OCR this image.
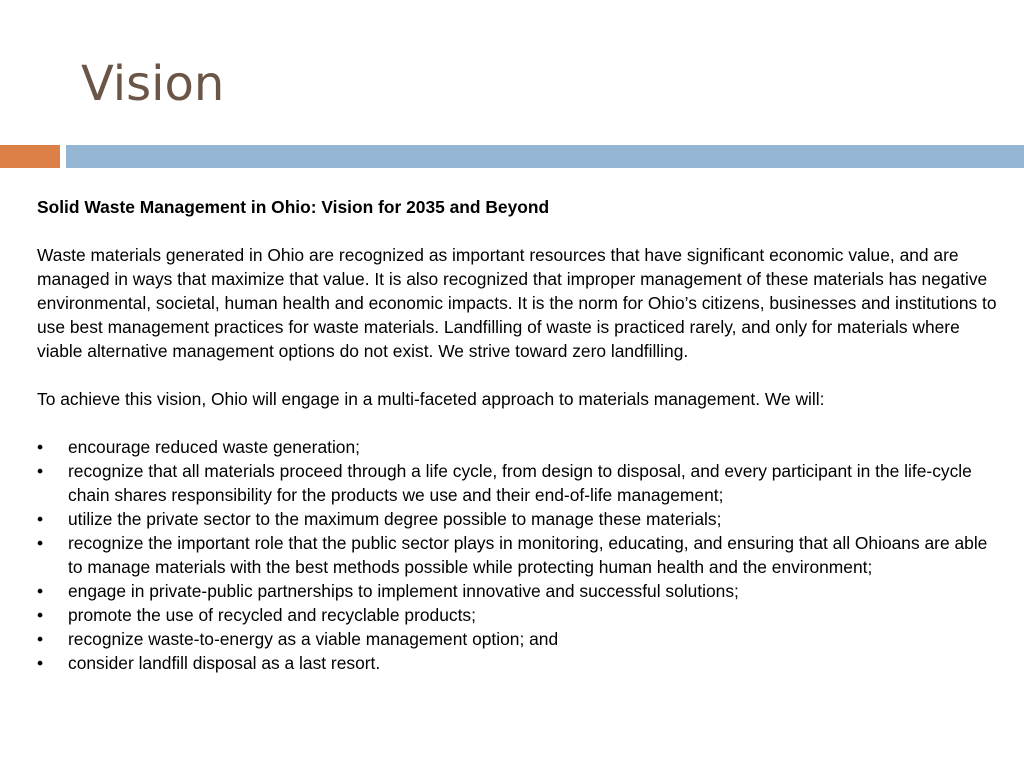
Vision

Solid Waste Management in Ohio: Vision for 2035 and Beyond

Waste materials generated in Ohio are recognized as important resources that have significant economic value, and are managed in ways that maximize that value. It is also recognized that improper management of these materials has negative environmental, societal, human health and economic impacts. It is the norm for Ohio’s citizens, businesses and institutions to use best management practices for waste materials. Landfilling of waste is practiced rarely, and only for materials where viable alternative management options do not exist. We strive toward zero landfilling.

To achieve this vision, Ohio will engage in a multi-faceted approach to materials management. We will:

• encourage reduced waste generation;
• recognize that all materials proceed through a life cycle, from design to disposal, and every participant in the life-cycle chain shares responsibility for the products we use and their end-of-life management;
• utilize the private sector to the maximum degree possible to manage these materials;
• recognize the important role that the public sector plays in monitoring, educating, and ensuring that all Ohioans are able to manage materials with the best methods possible while protecting human health and the environment;
• engage in private-public partnerships to implement innovative and successful solutions;
• promote the use of recycled and recyclable products;
• recognize waste-to-energy as a viable management option; and
• consider landfill disposal as a last resort.
